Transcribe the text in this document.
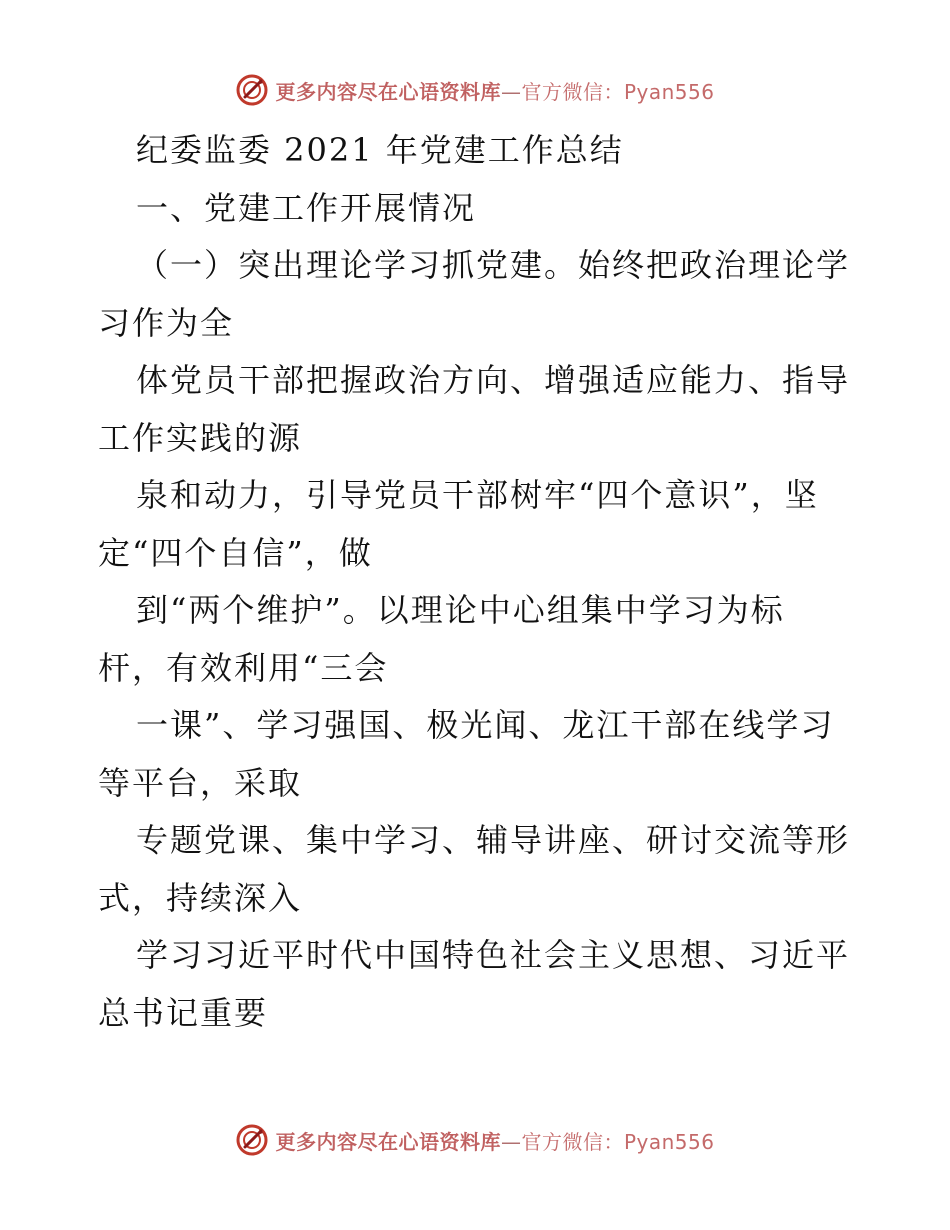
更多内容尽在心语资料库—官方微信：Pyan556
纪委监委 2021 年党建工作总结
一、党建工作开展情况
（一）突出理论学习抓党建。始终把政治理论学
习作为全
体党员干部把握政治方向、增强适应能力、指导
工作实践的源
泉和动力，引导党员干部树牢“四个意识”，坚
定“四个自信”，做
到“两个维护”。以理论中心组集中学习为标
杆，有效利用“三会
一课”、学习强国、极光闻、龙江干部在线学习
等平台，采取
专题党课、集中学习、辅导讲座、研讨交流等形
式，持续深入
学习习近平时代中国特色社会主义思想、习近平
总书记重要
更多内容尽在心语资料库—官方微信：Pyan556
